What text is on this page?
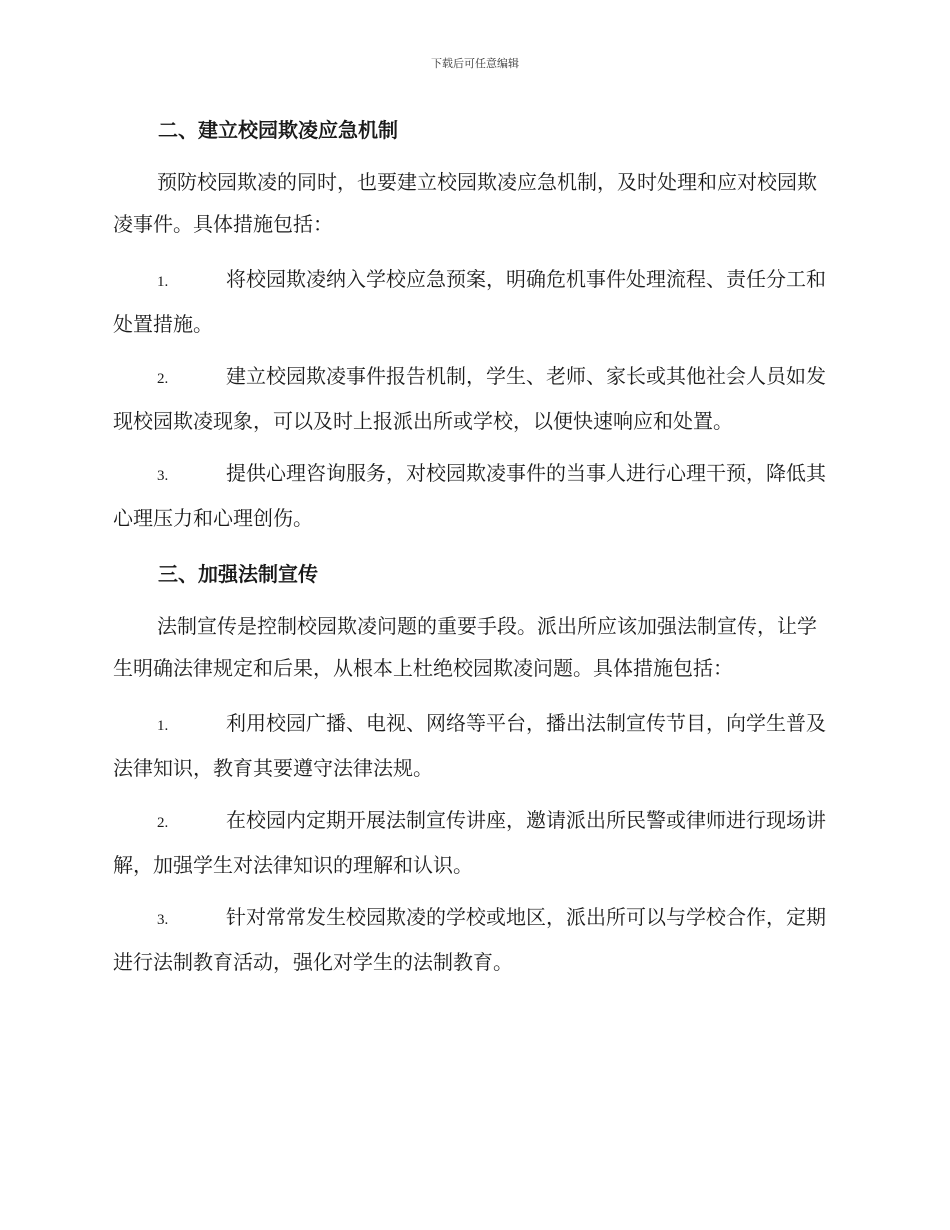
下载后可任意编辑
二、建立校园欺凌应急机制

预防校园欺凌的同时，也要建立校园欺凌应急机制，及时处理和应对校园欺凌事件。具体措施包括：

1.	将校园欺凌纳入学校应急预案，明确危机事件处理流程、责任分工和处置措施。

2.	建立校园欺凌事件报告机制，学生、老师、家长或其他社会人员如发现校园欺凌现象，可以及时上报派出所或学校，以便快速响应和处置。

3.	提供心理咨询服务，对校园欺凌事件的当事人进行心理干预，降低其心理压力和心理创伤。

三、加强法制宣传

法制宣传是控制校园欺凌问题的重要手段。派出所应该加强法制宣传，让学生明确法律规定和后果，从根本上杜绝校园欺凌问题。具体措施包括：

1.	利用校园广播、电视、网络等平台，播出法制宣传节目，向学生普及法律知识，教育其要遵守法律法规。

2.	在校园内定期开展法制宣传讲座，邀请派出所民警或律师进行现场讲解，加强学生对法律知识的理解和认识。

3.	针对常常发生校园欺凌的学校或地区，派出所可以与学校合作，定期进行法制教育活动，强化对学生的法制教育。
